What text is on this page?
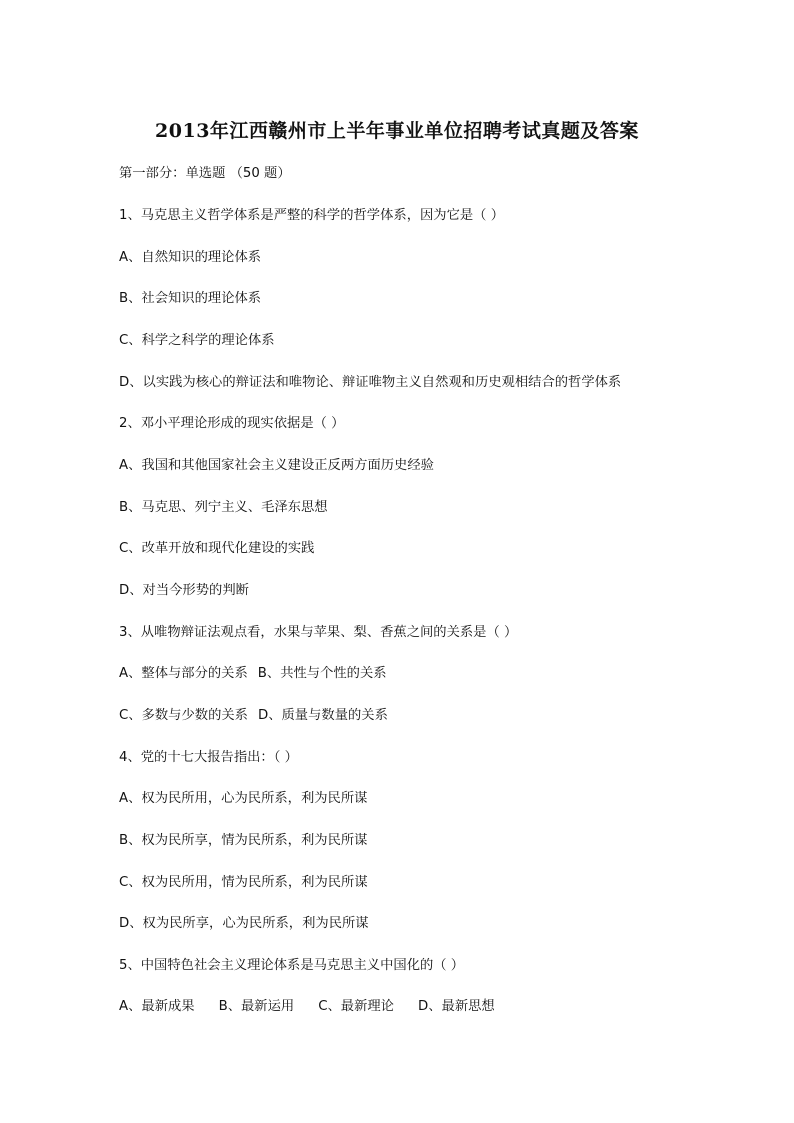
2013年江西赣州市上半年事业单位招聘考试真题及答案
第一部分：单选题 （50 题）
1、马克思主义哲学体系是严整的科学的哲学体系，因为它是（ ）
A、自然知识的理论体系
B、社会知识的理论体系
C、科学之科学的理论体系
D、以实践为核心的辩证法和唯物论、辩证唯物主义自然观和历史观相结合的哲学体系
2、邓小平理论形成的现实依据是（ ）
A、我国和其他国家社会主义建设正反两方面历史经验
B、马克思、列宁主义、毛泽东思想
C、改革开放和现代化建设的实践
D、对当今形势的判断
3、从唯物辩证法观点看，水果与苹果、梨、香蕉之间的关系是（ ）
A、整体与部分的关系 B、共性与个性的关系
C、多数与少数的关系 D、质量与数量的关系
4、党的十七大报告指出：（ ）
A、权为民所用，心为民所系，利为民所谋
B、权为民所享，情为民所系，利为民所谋
C、权为民所用，情为民所系，利为民所谋
D、权为民所享，心为民所系，利为民所谋
5、中国特色社会主义理论体系是马克思主义中国化的（ ）
A、最新成果 B、最新运用 C、最新理论 D、最新思想
